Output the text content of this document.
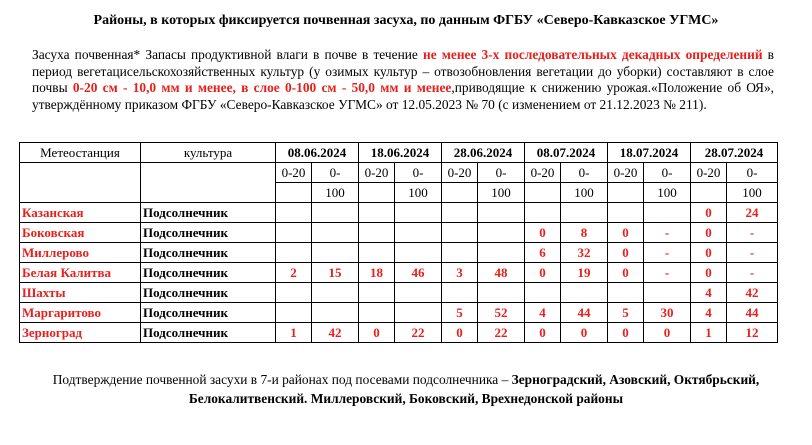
Районы, в которых фиксируется почвенная засуха, по данным ФГБУ «Северо-Кавказское УГМС»
Засуха почвенная* Запасы продуктивной влаги в почве в течение не менее 3-х последовательных декадных определений в период вегетацисельскохозяйственных культур (у озимых культур – отвозобновления вегетации до уборки) составляют в слое почвы 0-20 см - 10,0 мм и менее, в слое 0-100 см - 50,0 мм и менее,приводящие к снижению урожая.«Положение об ОЯ», утверждённому приказом ФГБУ «Северо-Кавказское УГМС» от 12.05.2023 № 70 (с изменением от 21.12.2023 № 211).
Метеостанция	культура	08.06.2024		18.06.2024		28.06.2024		08.07.2024		18.07.2024		28.07.2024	
		0-20	0-	0-20	0-	0-20	0-	0-20	0-	0-20	0-	0-20	0-
			100		100		100		100		100		100
Казанская	Подсолнечник											0	24
Боковская	Подсолнечник							0	8	0	-	0	-
Миллерово	Подсолнечник							6	32	0	-	0	-
Белая Калитва	Подсолнечник	2	15	18	46	3	48	0	19	0	-	0	-
Шахты	Подсолнечник											4	42
Маргаритово	Подсолнечник					5	52	4	44	5	30	4	44
Зерноград	Подсолнечник	1	42	0	22	0	22	0	0	0	0	1	12
Подтверждение почвенной засухи в 7-и районах под посевами подсолнечника – Зерноградский, Азовский, Октябрьский, Белокалитвенский. Миллеровский, Боковский, Врехнедонской районы
